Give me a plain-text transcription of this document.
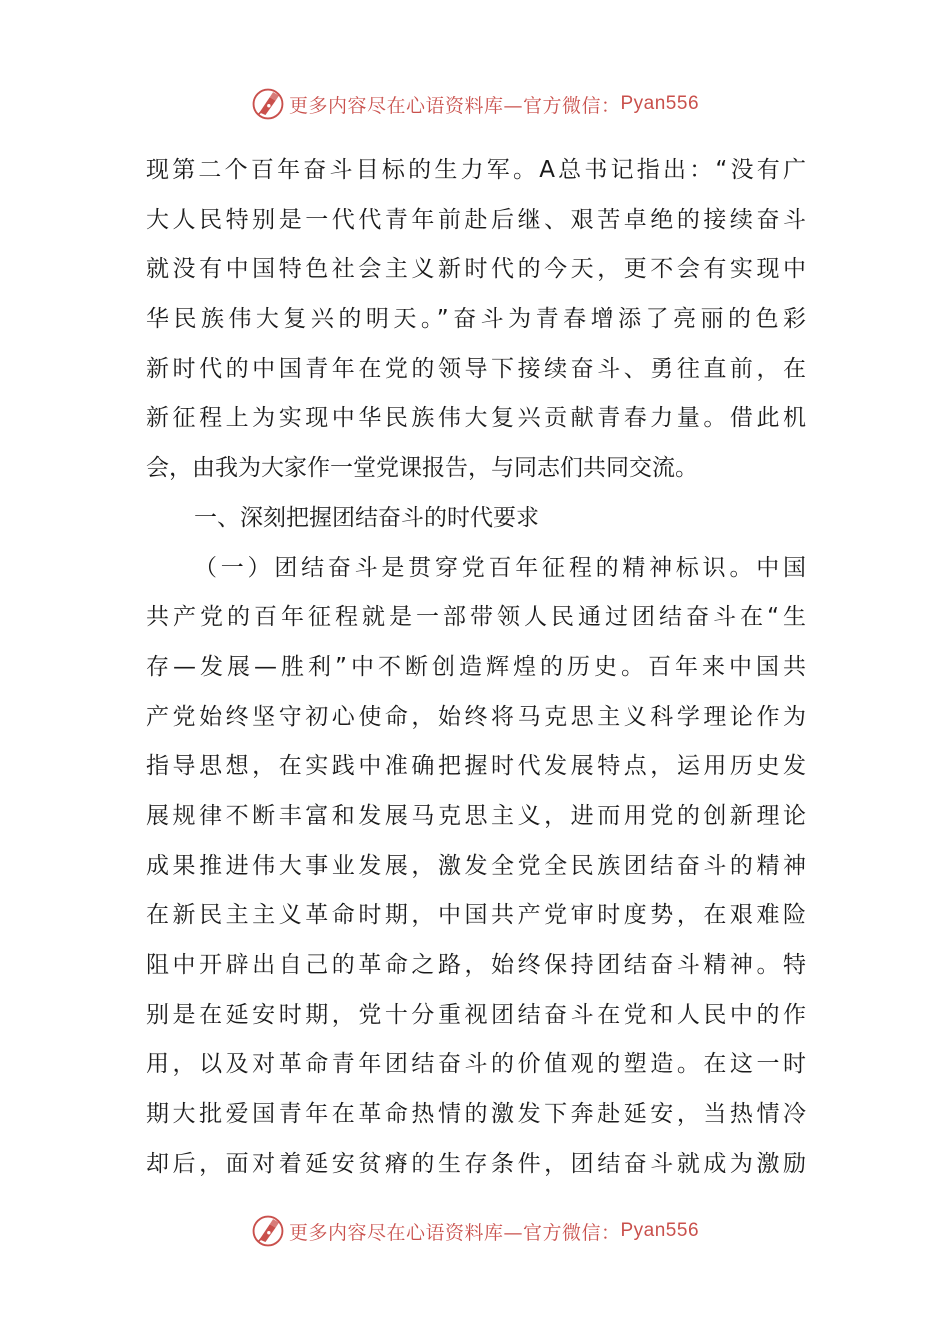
更多内容尽在心语资料库—官方微信： Pyan556
现第二个百年奋斗目标的生力军。A总书记指出：“没有广
大人民特别是一代代青年前赴后继、艰苦卓绝的接续奋斗
就没有中国特色社会主义新时代的今天，更不会有实现中
华民族伟大复兴的明天。”奋斗为青春增添了亮丽的色彩
新时代的中国青年在党的领导下接续奋斗、勇往直前，在
新征程上为实现中华民族伟大复兴贡献青春力量。借此机
会，由我为大家作一堂党课报告，与同志们共同交流。
一、深刻把握团结奋斗的时代要求
（一）团结奋斗是贯穿党百年征程的精神标识。中国
共产党的百年征程就是一部带领人民通过团结奋斗在“生
存—发展—胜利”中不断创造辉煌的历史。百年来中国共
产党始终坚守初心使命，始终将马克思主义科学理论作为
指导思想，在实践中准确把握时代发展特点，运用历史发
展规律不断丰富和发展马克思主义，进而用党的创新理论
成果推进伟大事业发展，激发全党全民族团结奋斗的精神
在新民主主义革命时期，中国共产党审时度势，在艰难险
阻中开辟出自己的革命之路，始终保持团结奋斗精神。特
别是在延安时期，党十分重视团结奋斗在党和人民中的作
用，以及对革命青年团结奋斗的价值观的塑造。在这一时
期大批爱国青年在革命热情的激发下奔赴延安，当热情冷
却后，面对着延安贫瘠的生存条件，团结奋斗就成为激励
更多内容尽在心语资料库—官方微信： Pyan556
